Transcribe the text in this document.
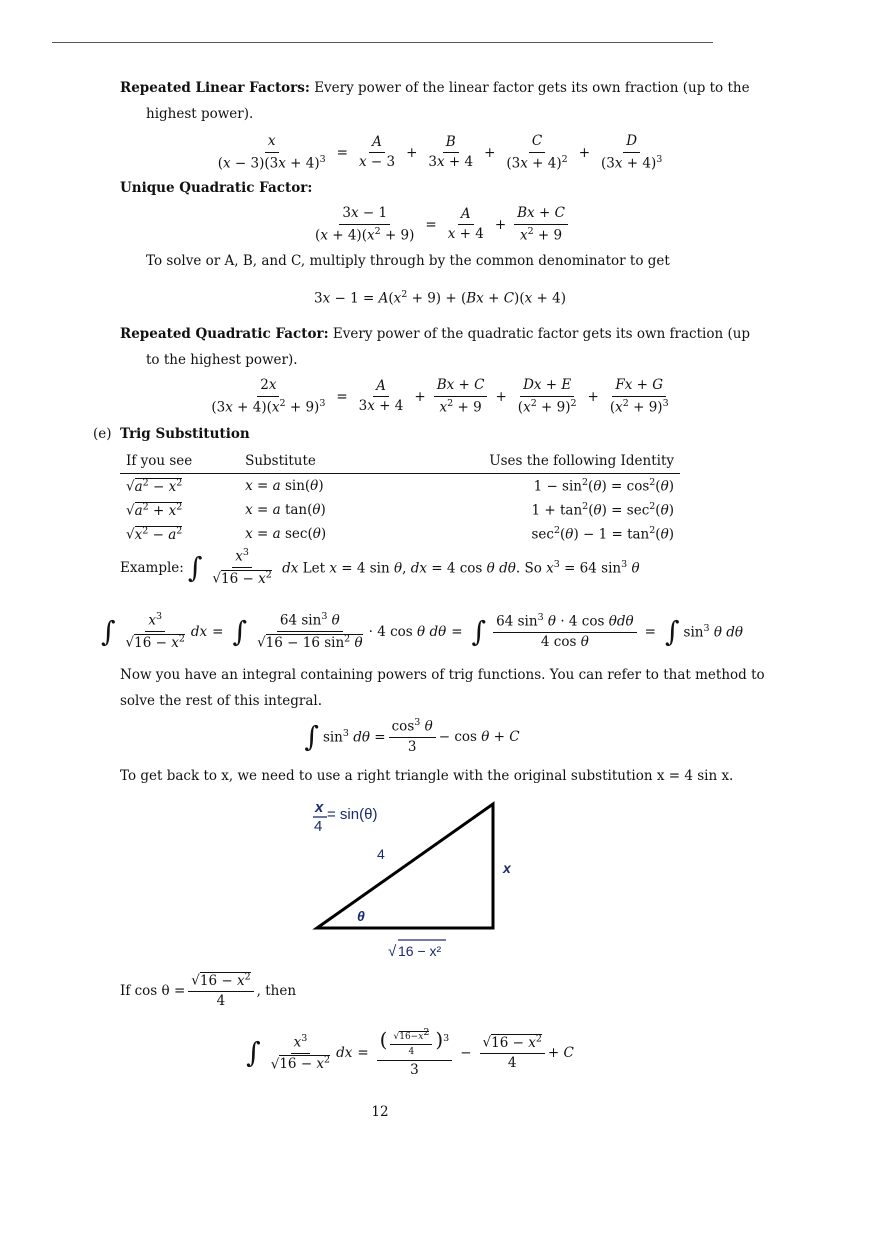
Repeated Linear Factors: Every power of the linear factor gets its own fraction (up to the
highest power).
$\frac{x}{(x - 3)(3x + 4)^3} = \frac{A}{x - 3} + \frac{B}{3x + 4} + \frac{C}{(3x + 4)^2} + \frac{D}{(3x + 4)^3}$
Unique Quadratic Factor:
$\frac{3x - 1}{(x + 4)(x^2 + 9)} = \frac{A}{x + 4} + \frac{Bx + C}{x^2 + 9}$
To solve or A, B, and C, multiply through by the common denominator to get
$3x - 1 = A(x^2 + 9) + (Bx + C)(x + 4)$
Repeated Quadratic Factor: Every power of the quadratic factor gets its own fraction (up
to the highest power).
$\frac{2x}{(3x + 4)(x^2 + 9)^3} = \frac{A}{3x + 4} + \frac{Bx + C}{x^2 + 9} + \frac{Dx + E}{(x^2 + 9)^2} + \frac{Fx + G}{(x^2 + 9)^3}$
(e) Trig Substitution
If you see	Substitute	Uses the following Identity
$√a^2 - x^2$	x = a sin(θ)	$1 - \sin^2(\theta) = \cos^2(\theta)$
$√a^2 + x^2$	x = a tan(θ)	$1 + \tan^2(\theta) = \sec^2(\theta)$
$√x^2 - a^2$	x = a sec(θ)	$\sec^2(\theta) - 1 = \tan^2(\theta)$
Example: ∫ $\frac{x^3}{√16 - x^2}$ dx Let x = 4 sin θ, dx = 4 cos θ dθ. So $x^3 = 64$ $\sin^3 \theta$
∫ $\frac{x^3}{√16 - x^2}$ dx = ∫ $\frac{64 \sin^3 \theta}{√16 - 16 \sin^2 \theta} \cdot 4$ cos θ dθ = ∫ $\frac{64 \sin^3 \theta \cdot 4 \cos \theta d\theta}{\text{4 cos θ}}$ = ∫ $\sin^3 \theta$ dθ
Now you have an integral containing powers of trig functions. You can refer to that method to
solve the rest of this integral.
∫ $\sin^3 d\theta = \frac{\cos^3 \theta}{3} - \cos \theta + C$
To get back to x, we need to use a right triangle with the original substitution x = 4 sin x.
x
4
= sin(θ)
4
x
θ
√ 16 − x²
If $\cos \theta = \frac{√16 - x^2}{4}$ , then
∫ $\frac{x^3}{√16 - x^2}$ dx = $\frac{( \frac{√16-x^2}{4} )^3}{3} - \frac{√16 - x^2}{4} + C$
12
